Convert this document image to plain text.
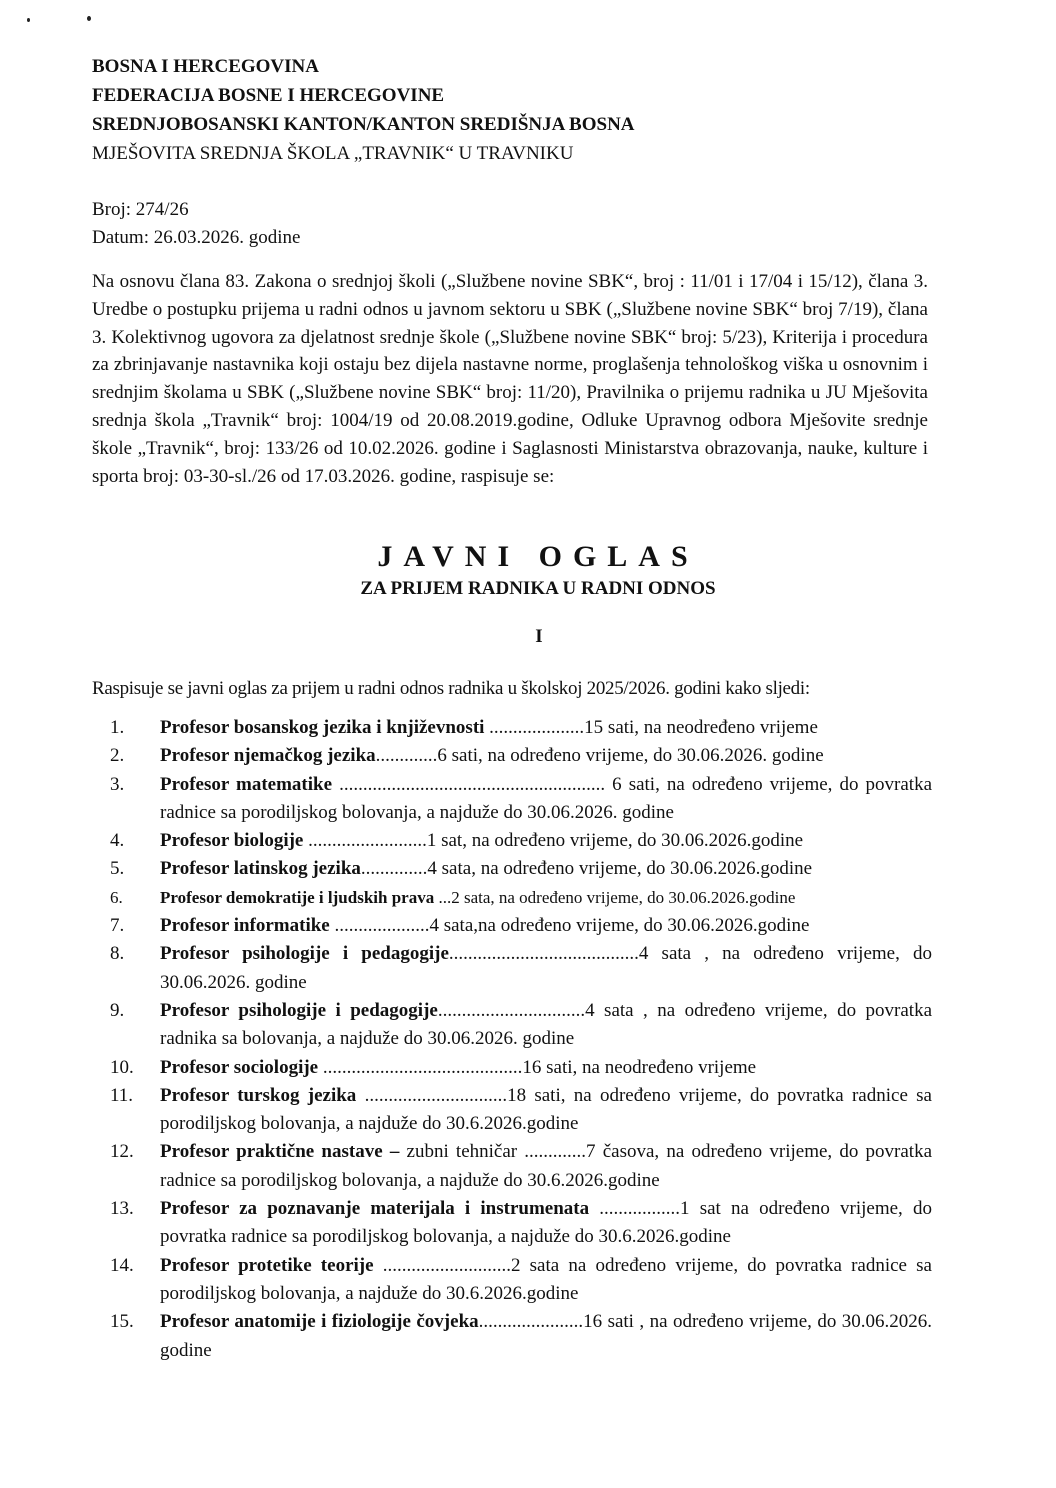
BOSNA I HERCEGOVINA
FEDERACIJA BOSNE I HERCEGOVINE
SREDNJOBOSANSKI KANTON/KANTON SREDIŠNJA BOSNA
MJEŠOVITA SREDNJA ŠKOLA „TRAVNIK“ U TRAVNIKU
Broj: 274/26
Datum: 26.03.2026. godine
Na osnovu člana 83. Zakona o srednjoj školi („Službene novine SBK“, broj : 11/01 i 17/04 i 15/12), člana 3. Uredbe o postupku prijema u radni odnos u javnom sektoru u SBK („Službene novine SBK“ broj 7/19), člana 3. Kolektivnog ugovora za djelatnost srednje škole („Službene novine SBK“ broj: 5/23), Kriterija i procedura za zbrinjavanje nastavnika koji ostaju bez dijela nastavne norme, proglašenja tehnološkog viška u osnovnim i srednjim školama u SBK („Službene novine SBK“ broj: 11/20), Pravilnika o prijemu radnika u JU Mješovita srednja škola „Travnik“ broj: 1004/19 od 20.08.2019.godine, Odluke Upravnog odbora Mješovite srednje škole „Travnik“, broj: 133/26 od 10.02.2026. godine i Saglasnosti Ministarstva obrazovanja, nauke, kulture i sporta broj: 03-30-sl./26 od 17.03.2026. godine, raspisuje se:
JAVNI OGLAS
ZA PRIJEM RADNIKA U RADNI ODNOS
I
Raspisuje se javni oglas za prijem u radni odnos radnika u školskoj 2025/2026. godini kako sljedi:
1.	Profesor bosanskog jezika i književnosti ....................15 sati, na neodređeno vrijeme
2.	Profesor njemačkog jezika.............6 sati, na određeno vrijeme, do 30.06.2026. godine
3.	Profesor matematike ........................................................ 6 sati, na određeno vrijeme, do povratka radnice sa porodiljskog bolovanja, a najduže do 30.06.2026. godine
4.	Profesor biologije .........................1 sat, na određeno vrijeme, do 30.06.2026.godine
5.	Profesor latinskog jezika..............4 sata, na određeno vrijeme, do 30.06.2026.godine
6.	Profesor demokratije i ljudskih prava ...2 sata, na određeno vrijeme, do 30.06.2026.godine
7.	Profesor informatike ....................4 sata,na određeno vrijeme, do 30.06.2026.godine
8.	Profesor psihologije i pedagogije........................................4 sata , na određeno vrijeme, do 30.06.2026. godine
9.	Profesor psihologije i pedagogije...............................4 sata , na određeno vrijeme, do povratka radnika sa bolovanja, a najduže do 30.06.2026. godine
10.	Profesor sociologije ..........................................16 sati, na neodređeno vrijeme
11.	Profesor turskog jezika ..............................18 sati, na određeno vrijeme, do povratka radnice sa porodiljskog bolovanja, a najduže do 30.6.2026.godine
12.	Profesor praktične nastave – zubni tehničar .............7 časova, na određeno vrijeme, do povratka radnice sa porodiljskog bolovanja, a najduže do 30.6.2026.godine
13.	Profesor za poznavanje materijala i instrumenata .................1 sat na određeno vrijeme, do povratka radnice sa porodiljskog bolovanja, a najduže do 30.6.2026.godine
14.	Profesor protetike teorije ...........................2 sata na određeno vrijeme, do povratka radnice sa porodiljskog bolovanja, a najduže do 30.6.2026.godine
15.	Profesor anatomije i fiziologije čovjeka......................16 sati , na određeno vrijeme, do 30.06.2026. godine
